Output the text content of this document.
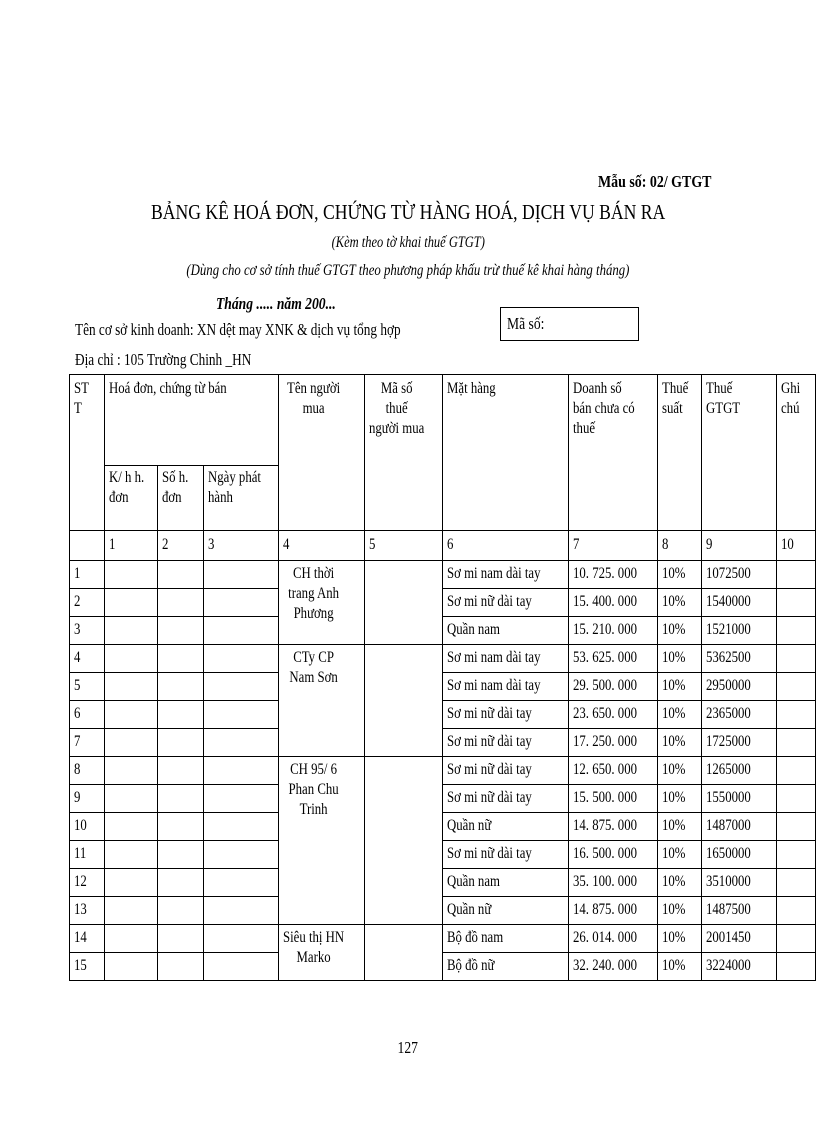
Mẫu số: 02/ GTGT
BẢNG KÊ HOÁ ĐƠN, CHỨNG TỪ HÀNG HOÁ, DỊCH VỤ BÁN RA
(Kèm theo tờ khai thuế GTGT)
(Dùng cho cơ sở tính thuế GTGT theo phương pháp khấu trừ thuế kê khai hàng tháng)
Tháng ..... năm 200...
Tên cơ sở kinh doanh: XN dệt may XNK & dịch vụ tổng hợp	Mã số:
Địa chỉ : 105 Trường Chinh _HN
ST
T	Hoá đơn, chứng từ bán			Tên người
mua	Mã số
thuế
người mua	Mặt hàng	Doanh số
bán chưa có
thuế	Thuế
suất	Thuế
GTGT	Ghi
chú

	K/ h h.
đơn	Số h.
đơn	Ngày phát
hành							

	1	2	3	4	5	6	7	8	9	10
1				CH thời
trang Anh
Phương		Sơ mi nam dài tay	10. 725. 000	10%	1072500	
2						Sơ mi nữ dài tay	15. 400. 000	10%	1540000	
3						Quần nam	15. 210. 000	10%	1521000	
4				CTy CP
Nam Sơn		Sơ mi nam dài tay	53. 625. 000	10%	5362500	
5						Sơ mi nam dài tay	29. 500. 000	10%	2950000	
6						Sơ mi nữ dài tay	23. 650. 000	10%	2365000	
7						Sơ mi nữ dài tay	17. 250. 000	10%	1725000	
8				CH 95/ 6
Phan Chu
Trinh		Sơ mi nữ dài tay	12. 650. 000	10%	1265000	
9						Sơ mi nữ dài tay	15. 500. 000	10%	1550000	
10						Quần nữ	14. 875. 000	10%	1487000	
11						Sơ mi nữ dài tay	16. 500. 000	10%	1650000	
12						Quần nam	35. 100. 000	10%	3510000	
13						Quần nữ	14. 875. 000	10%	1487500	
14				Siêu thị HN
Marko		Bộ đồ nam	26. 014. 000	10%	2001450	
15						Bộ đồ nữ	32. 240. 000	10%	3224000	
127
